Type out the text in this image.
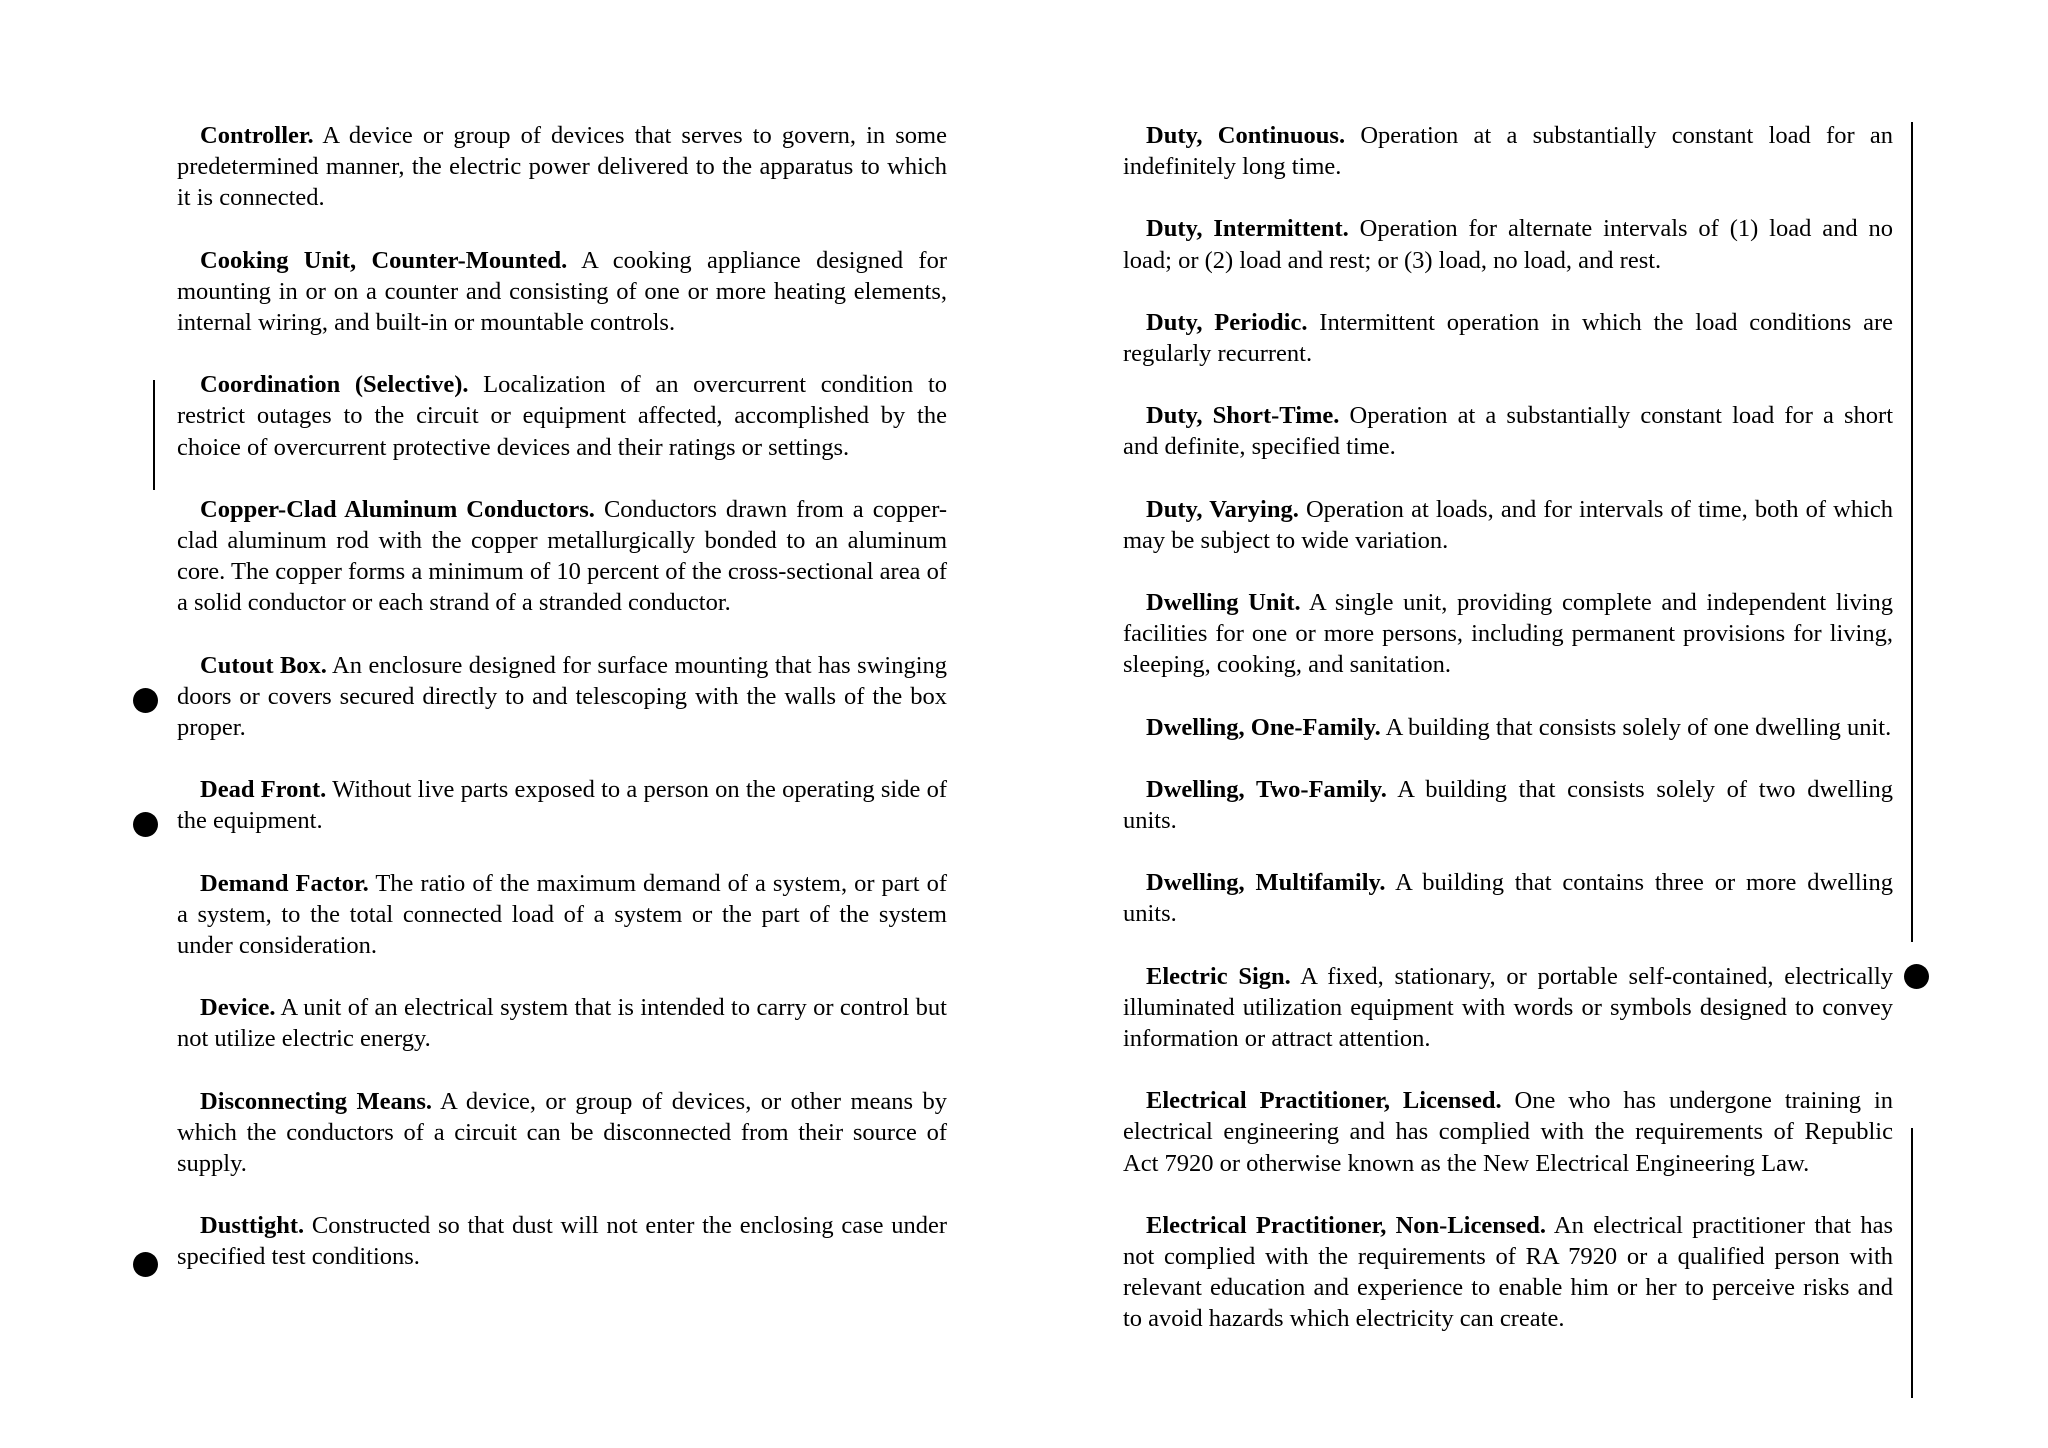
Controller. A device or group of devices that serves to govern, in some predetermined manner, the electric power delivered to the apparatus to which it is connected.

Cooking Unit, Counter-Mounted. A cooking appliance designed for mounting in or on a counter and consisting of one or more heating elements, internal wiring, and built-in or mountable controls.

Coordination (Selective). Localization of an overcurrent condition to restrict outages to the circuit or equipment affected, accomplished by the choice of overcurrent protective devices and their ratings or settings.

Copper-Clad Aluminum Conductors. Conductors drawn from a copper-clad aluminum rod with the copper metallurgically bonded to an aluminum core. The copper forms a minimum of 10 percent of the cross-sectional area of a solid conductor or each strand of a stranded conductor.

Cutout Box. An enclosure designed for surface mounting that has swinging doors or covers secured directly to and telescoping with the walls of the box proper.

Dead Front. Without live parts exposed to a person on the operating side of the equipment.

Demand Factor. The ratio of the maximum demand of a system, or part of a system, to the total connected load of a system or the part of the system under consideration.

Device. A unit of an electrical system that is intended to carry or control but not utilize electric energy.

Disconnecting Means. A device, or group of devices, or other means by which the conductors of a circuit can be disconnected from their source of supply.

Dusttight. Constructed so that dust will not enter the enclosing case under specified test conditions.

Duty, Continuous. Operation at a substantially constant load for an indefinitely long time.

Duty, Intermittent. Operation for alternate intervals of (1) load and no load; or (2) load and rest; or (3) load, no load, and rest.

Duty, Periodic. Intermittent operation in which the load conditions are regularly recurrent.

Duty, Short-Time. Operation at a substantially constant load for a short and definite, specified time.

Duty, Varying. Operation at loads, and for intervals of time, both of which may be subject to wide variation.

Dwelling Unit. A single unit, providing complete and independent living facilities for one or more persons, including permanent provisions for living, sleeping, cooking, and sanitation.

Dwelling, One-Family. A building that consists solely of one dwelling unit.

Dwelling, Two-Family. A building that consists solely of two dwelling units.

Dwelling, Multifamily. A building that contains three or more dwelling units.

Electric Sign. A fixed, stationary, or portable self-contained, electrically illuminated utilization equipment with words or symbols designed to convey information or attract attention.

Electrical Practitioner, Licensed. One who has undergone training in electrical engineering and has complied with the requirements of Republic Act 7920 or otherwise known as the New Electrical Engineering Law.

Electrical Practitioner, Non-Licensed. An electrical practitioner that has not complied with the requirements of RA 7920 or a qualified person with relevant education and experience to enable him or her to perceive risks and to avoid hazards which electricity can create.
